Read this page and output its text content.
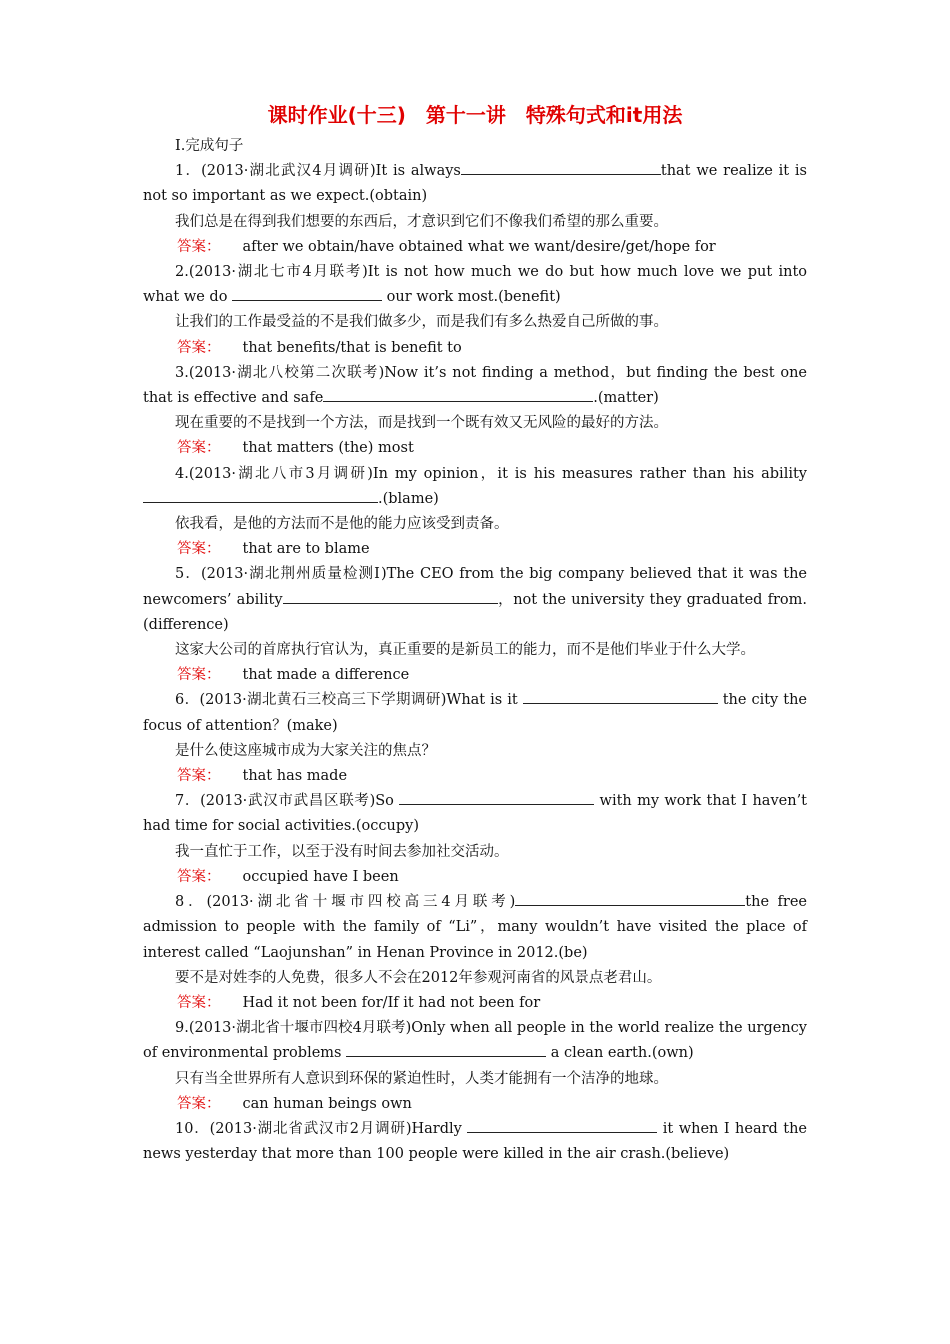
课时作业(十三)　第十一讲　特殊句式和it用法
Ⅰ.完成句子
1．(2013·湖北武汉4月调研)It is always	that we realize it is not so important as we expect.(obtain)
我们总是在得到我们想要的东西后，才意识到它们不像我们希望的那么重要。
答案： after we obtain/have obtained what we want/desire/get/hope for
2.(2013·湖北七市4月联考)It is not how much we do but how much love we put into what we do	our work most.(benefit)
让我们的工作最受益的不是我们做多少，而是我们有多么热爱自己所做的事。
答案： that benefits/that is benefit to
3.(2013·湖北八校第二次联考)Now it’s not finding a method，but finding the best one that is effective and safe	.(matter)
现在重要的不是找到一个方法，而是找到一个既有效又无风险的最好的方法。
答案： that matters (the) most
4.(2013·湖北八市3月调研)In my opinion，it is his measures rather than his ability.(blame)
依我看，是他的方法而不是他的能力应该受到责备。
答案： that are to blame
5．(2013·湖北荆州质量检测Ⅰ)The CEO from the big company believed that it was the newcomers’ ability	，not the university they graduated from.(difference)
这家大公司的首席执行官认为，真正重要的是新员工的能力，而不是他们毕业于什么大学。
答案： that made a difference
6．(2013·湖北黄石三校高三下学期调研)What is it	the city the focus of attention？(make)
是什么使这座城市成为大家关注的焦点？
答案： that has made
7．(2013·武汉市武昌区联考)So	with my work that I haven’t had time for social activities.(occupy)
我一直忙于工作，以至于没有时间去参加社交活动。
答案： occupied have I been
8．(2013·湖北省十堰市四校高三4月联考)	the free admission to people with the family of “Li”，many wouldn’t have visited the place of interest called “Laojunshan” in Henan Province in 2012.(be)
要不是对姓李的人免费，很多人不会在2012年参观河南省的风景点老君山。
答案： Had it not been for/If it had not been for
9.(2013·湖北省十堰市四校4月联考)Only when all people in the world realize the urgency of environmental problems	a clean earth.(own)
只有当全世界所有人意识到环保的紧迫性时，人类才能拥有一个洁净的地球。
答案： can human beings own
10．(2013·湖北省武汉市2月调研)Hardly	it when I heard the news yesterday that more than 100 people were killed in the air crash.(believe)
